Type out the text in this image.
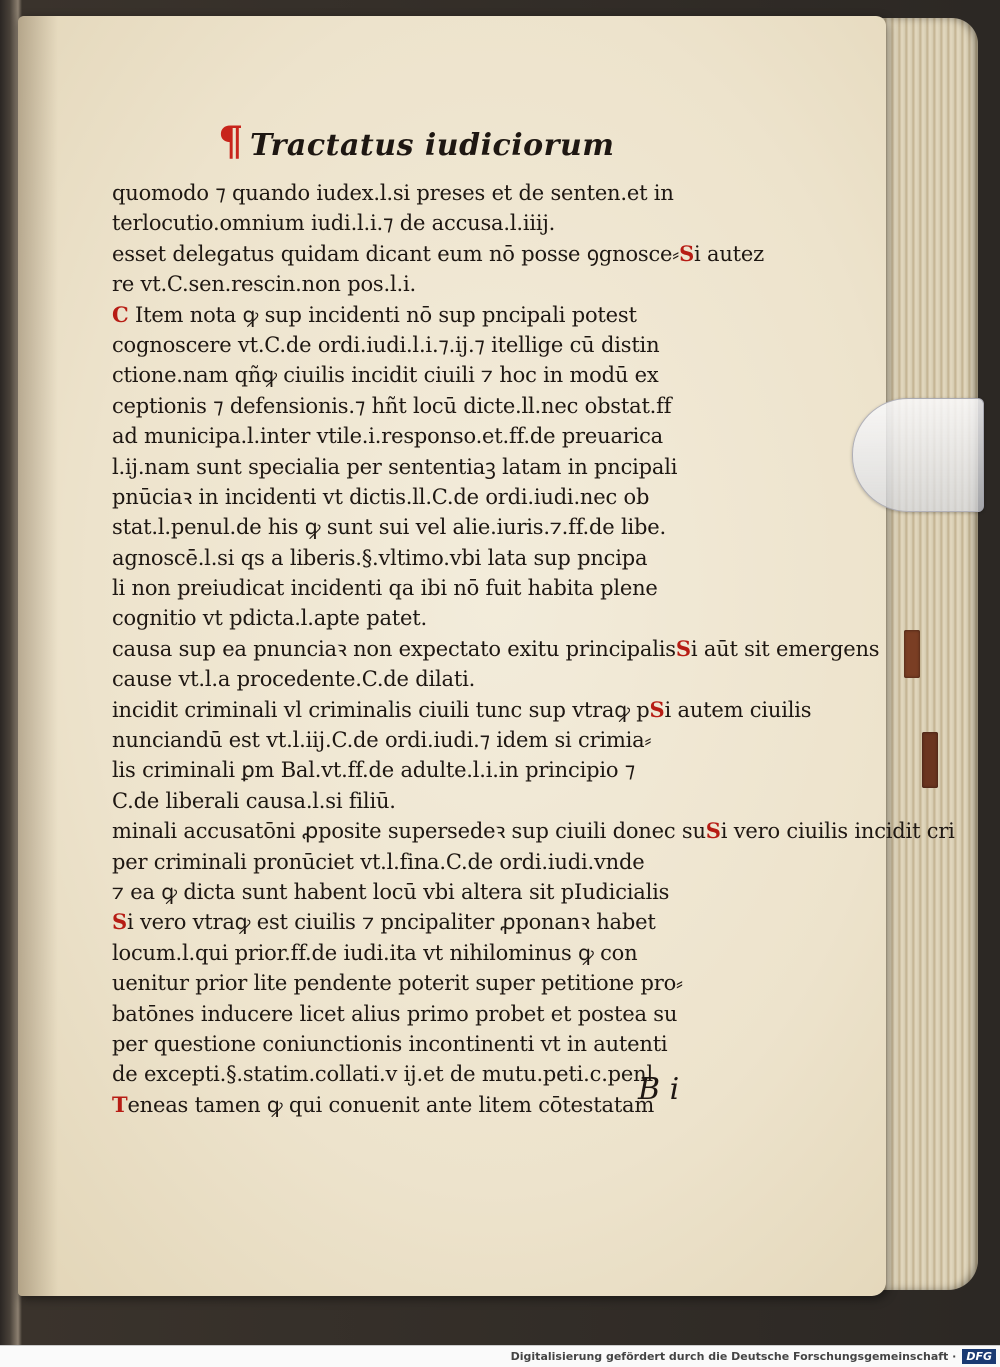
¶ Tractatus iudiciorum
quomodo ⁊ quando iudex.l.si preses et de senten.et in
terlocutio.omnium iudi.l.i.⁊ de accusa.l.iiij.
esset delegatus quidam dicant eum nō posse ꝯgnosce⸗Si autez
re vt.C.sen.rescin.non pos.l.i.
C Item nota ꝙ sup incidenti nō sup pncipali potest
cognoscere vt.C.de ordi.iudi.l.i.⁊.ij.⁊ itellige cū distin
ctione.nam qñꝙ ciuilis incidit ciuili ⁊ hoc in modū ex
ceptionis ⁊ defensionis.⁊ hñt locū dicte.ll.nec obstat.ff
ad municipa.l.inter vtile.i.responso.et.ff.de preuarica
l.ij.nam sunt specialia per sententiaꝫ latam in pncipali
pnūciaꝛ in incidenti vt dictis.ll.C.de ordi.iudi.nec ob
stat.l.penul.de his ꝙ sunt sui vel alie.iuris.⁊.ff.de libe.
agnoscē.l.si qs a liberis.§.vltimo.vbi lata sup pncipa
li non preiudicat incidenti qa ibi nō fuit habita plene
cognitio vt pdicta.l.apte patet.
causa sup ea pnunciaꝛ non expectato exitu principalisSi aūt sit emergens
cause vt.l.a procedente.C.de dilati.
incidit criminali vl criminalis ciuili tunc sup vtraꝙ pSi autem ciuilis
nunciandū est vt.l.iij.C.de ordi.iudi.⁊ idem si crimia⸗
lis criminali ꝑm Bal.vt.ff.de adulte.l.i.in principio ⁊
C.de liberali causa.l.si filiū.
minali accusatōni ꝓposite supersedeꝛ sup ciuili donec suSi vero ciuilis incidit cri
per criminali pronūciet vt.l.fina.C.de ordi.iudi.vnde
⁊ ea ꝙ dicta sunt habent locū vbi altera sit pIudicialis
Si vero vtraꝙ est ciuilis ⁊ pncipaliter ꝓponanꝛ habet
locum.l.qui prior.ff.de iudi.ita vt nihilominus ꝙ con
uenitur prior lite pendente poterit super petitione pro⸗
batōnes inducere licet alius primo probet et postea su
per questione coniunctionis incontinenti vt in autenti
de excepti.§.statim.collati.v ij.et de mutu.peti.c.penl.
Teneas tamen ꝙ qui conuenit ante litem cōtestatam
B i
Digitalisierung gefördert durch die Deutsche Forschungsgemeinschaft · DFG
